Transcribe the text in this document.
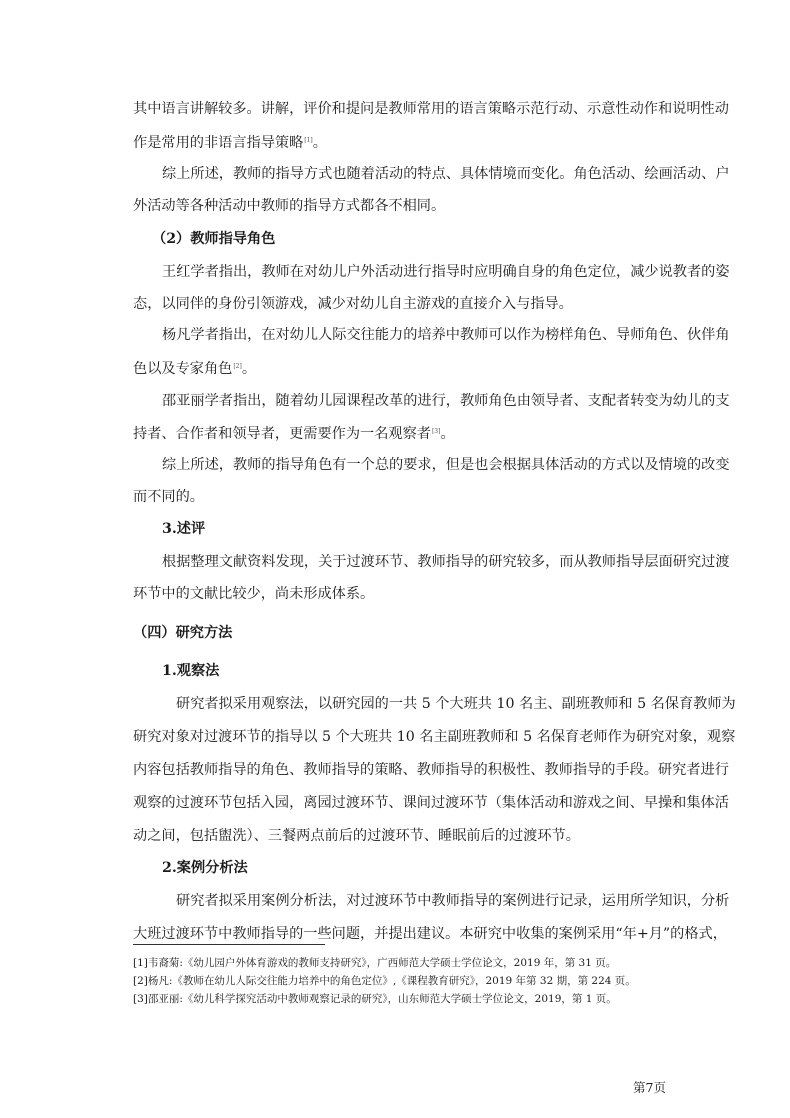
其中语言讲解较多。讲解，评价和提问是教师常用的语言策略示范行动、示意性动作和说明性动
作是常用的非语言指导策略[1]。
综上所述，教师的指导方式也随着活动的特点、具体情境而变化。角色活动、绘画活动、户
外活动等各种活动中教师的指导方式都各不相同。
（2）教师指导角色
王红学者指出，教师在对幼儿户外活动进行指导时应明确自身的角色定位，减少说教者的姿
态，以同伴的身份引领游戏，减少对幼儿自主游戏的直接介入与指导。
杨凡学者指出，在对幼儿人际交往能力的培养中教师可以作为榜样角色、导师角色、伙伴角
色以及专家角色[2]。
邵亚丽学者指出，随着幼儿园课程改革的进行，教师角色由领导者、支配者转变为幼儿的支
持者、合作者和领导者，更需要作为一名观察者[3]。
综上所述，教师的指导角色有一个总的要求，但是也会根据具体活动的方式以及情境的改变
而不同的。
3.述评
根据整理文献资料发现，关于过渡环节、教师指导的研究较多，而从教师指导层面研究过渡
环节中的文献比较少，尚未形成体系。
（四）研究方法
1.观察法
研究者拟采用观察法，以研究园的一共 5 个大班共 10 名主、副班教师和 5 名保育教师为
研究对象对过渡环节的指导以 5 个大班共 10 名主副班教师和 5 名保育老师作为研究对象，观察
内容包括教师指导的角色、教师指导的策略、教师指导的积极性、教师指导的手段。研究者进行
观察的过渡环节包括入园，离园过渡环节、课间过渡环节（集体活动和游戏之间、早操和集体活
动之间，包括盥洗）、三餐两点前后的过渡环节、睡眠前后的过渡环节。
2.案例分析法
研究者拟采用案例分析法，对过渡环节中教师指导的案例进行记录，运用所学知识，分析
大班过渡环节中教师指导的一些问题，并提出建议。本研究中收集的案例采用“年+月”的格式，
[1]韦裔菊:《幼儿园户外体育游戏的教师支持研究》，广西师范大学硕士学位论文，2019 年，第 31 页。
[2]杨凡:《教师在幼儿人际交往能力培养中的角色定位》,《课程教育研究》，2019 年第 32 期，第 224 页。
[3]邵亚丽:《幼儿科学探究活动中教师观察记录的研究》，山东师范大学硕士学位论文，2019，第 1 页。
第7页
